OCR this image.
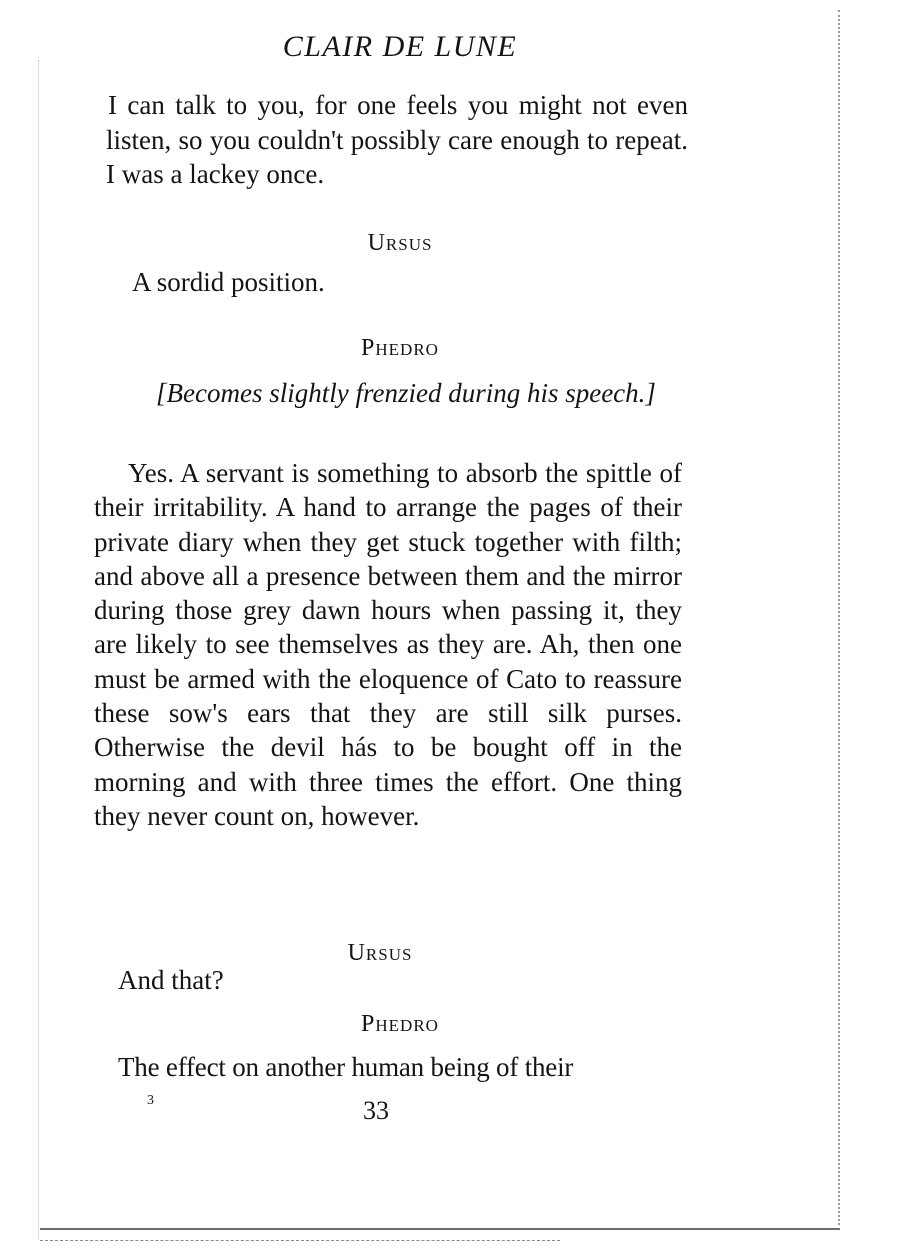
CLAIR DE LUNE

I can talk to you, for one feels you might not even listen, so you couldn't possibly care enough to repeat. I was a lackey once.

Ursus
A sordid position.
Phedro

[Becomes slightly frenzied during his speech.]

Yes. A servant is something to absorb the spittle of their irritability. A hand to arrange the pages of their private diary when they get stuck together with filth; and above all a presence between them and the mirror during those grey dawn hours when passing it, they are likely to see themselves as they are. Ah, then one must be armed with the eloquence of Cato to reassure these sow's ears that they are still silk purses. Otherwise the devil hás to be bought off in the morning and with three times the effort. One thing they never count on, however.

Ursus
And that?
Phedro
The effect on another human being of their
3	33
